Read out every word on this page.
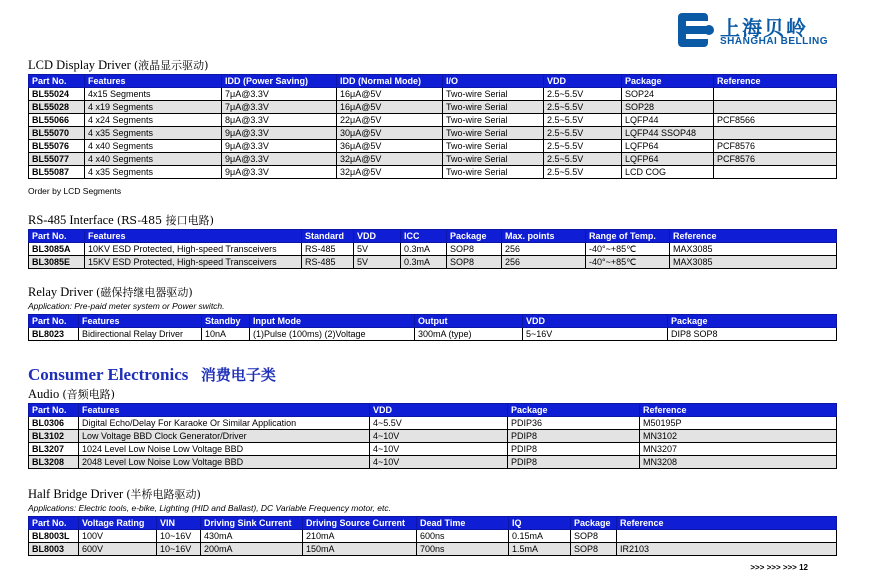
上海贝岭
SHANGHAI BELLING
LCD Display Driver (液晶显示驱动)
Part No.	Features	IDD (Power Saving)	IDD (Normal Mode)	I/O	VDD	Package	Reference
BL55024	4x15 Segments	7μA@3.3V	16μA@5V	Two-wire Serial	2.5~5.5V	SOP24	
BL55028	4 x19 Segments	7μA@3.3V	16μA@5V	Two-wire Serial	2.5~5.5V	SOP28	
BL55066	4 x24 Segments	8μA@3.3V	22μA@5V	Two-wire Serial	2.5~5.5V	LQFP44	PCF8566
BL55070	4 x35 Segments	9μA@3.3V	30μA@5V	Two-wire Serial	2.5~5.5V	LQFP44 SSOP48	
BL55076	4 x40 Segments	9μA@3.3V	36μA@5V	Two-wire Serial	2.5~5.5V	LQFP64	PCF8576
BL55077	4 x40 Segments	9μA@3.3V	32μA@5V	Two-wire Serial	2.5~5.5V	LQFP64	PCF8576
BL55087	4 x35 Segments	9μA@3.3V	32μA@5V	Two-wire Serial	2.5~5.5V	LCD COG	
Order by LCD Segments
RS-485 Interface (RS-485 接口电路)
Part No.	Features	Standard	VDD	ICC	Package	Max. points	Range of Temp.	Reference
BL3085A	10KV ESD Protected, High-speed Transceivers	RS-485	5V	0.3mA	SOP8	256	-40°~+85℃	MAX3085
BL3085E	15KV ESD Protected, High-speed Transceivers	RS-485	5V	0.3mA	SOP8	256	-40°~+85℃	MAX3085
Relay Driver (磁保持继电器驱动)
Application: Pre-paid meter system or Power switch.
Part No.	Features	Standby	Input Mode	Output	VDD	Package
BL8023	Bidirectional Relay Driver	10nA	(1)Pulse (100ms) (2)Voltage	300mA (type)	5~16V	DIP8 SOP8
Consumer Electronics 消费电子类
Audio (音频电路)
Part No.	Features	VDD	Package	Reference
BL0306	Digital Echo/Delay For Karaoke Or Similar Application	4~5.5V	PDIP36	M50195P
BL3102	Low Voltage BBD Clock Generator/Driver	4~10V	PDIP8	MN3102
BL3207	1024 Level Low Noise Low Voltage BBD	4~10V	PDIP8	MN3207
BL3208	2048 Level Low Noise Low Voltage BBD	4~10V	PDIP8	MN3208
Half Bridge Driver (半桥电路驱动)
Applications: Electric tools, e-bike, Lighting (HID and Ballast), DC Variable Frequency motor, etc.
Part No.	Voltage Rating	VIN	Driving Sink Current	Driving Source Current	Dead Time	IQ	Package	Reference
BL8003L	100V	10~16V	430mA	210mA	600ns	0.15mA	SOP8	
BL8003	600V	10~16V	200mA	150mA	700ns	1.5mA	SOP8	IR2103
>>> >>> >>> 12
